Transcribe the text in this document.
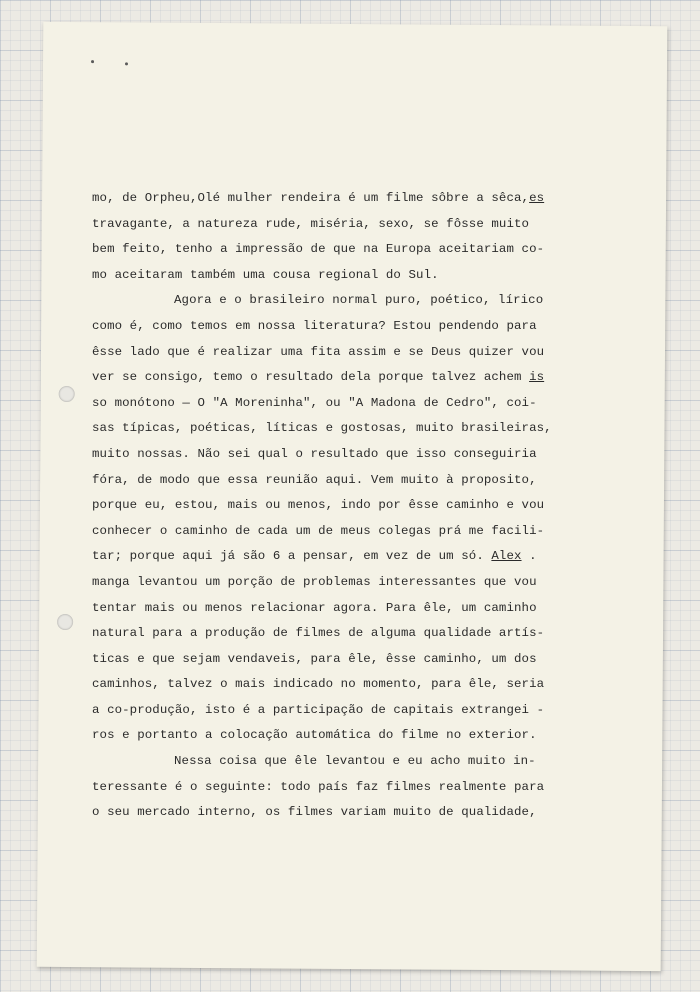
mo, de Orpheu,Olé mulher rendeira é um filme sôbre a sêca,es
travagante, a natureza rude, miséria, sexo, se fôsse muito
bem feito, tenho a impressão de que na Europa aceitariam co-
mo aceitaram também uma cousa regional do Sul.
Agora e o brasileiro normal puro, poético, lírico
como é, como temos em nossa literatura? Estou pendendo para
êsse lado que é realizar uma fita assim e se Deus quizer vou
ver se consigo, temo o resultado dela porque talvez achem is
so monótono — O "A Moreninha", ou "A Madona de Cedro", coi-
sas típicas, poéticas, líticas e gostosas, muito brasileiras,
muito nossas. Não sei qual o resultado que isso conseguiria
fóra, de modo que essa reunião aqui. Vem muito à proposito,
porque eu, estou, mais ou menos, indo por êsse caminho e vou
conhecer o caminho de cada um de meus colegas prá me facili-
tar; porque aqui já são 6 a pensar, em vez de um só. Alex .
manga levantou um porção de problemas interessantes que vou
tentar mais ou menos relacionar agora. Para êle, um caminho
natural para a produção de filmes de alguma qualidade artís-
ticas e que sejam vendaveis, para êle, êsse caminho, um dos
caminhos, talvez o mais indicado no momento, para êle, seria
a co-produção, isto é a participação de capitais extrangei -
ros e portanto a colocação automática do filme no exterior.
Nessa coisa que êle levantou e eu acho muito in-
teressante é o seguinte: todo país faz filmes realmente para
o seu mercado interno, os filmes variam muito de qualidade,
